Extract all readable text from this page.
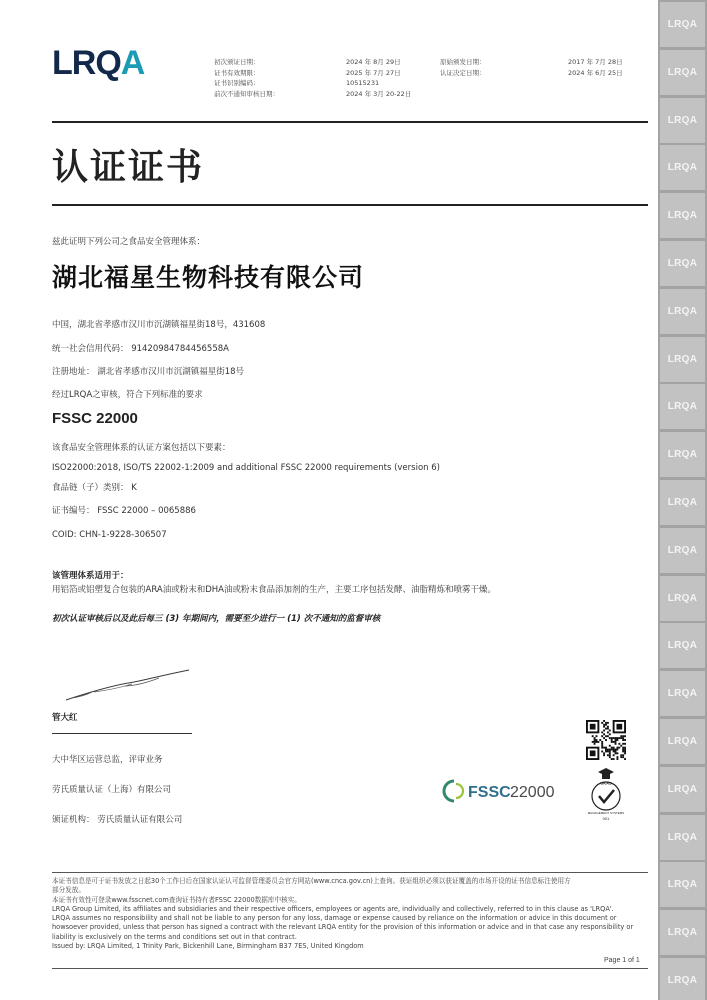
LRQA
LRQA
LRQA
LRQA
LRQA
LRQA
LRQA
LRQA
LRQA
LRQA
LRQA
LRQA
LRQA
LRQA
LRQA
LRQA
LRQA
LRQA
LRQA
LRQA
LRQA
LRQA	初次颁证日期：
证书有效期限：
证书识别编码：
前次不通知审核日期：
2024 年 8月 29日
2025 年 7月 27日
10515231
2024 年 3月 20-22日
原始颁发日期：
认证决定日期：
2017 年 7月 28日
2024 年 6月 25日
认证证书
兹此证明下列公司之食品安全管理体系：
湖北福星生物科技有限公司
中国，湖北省孝感市汉川市沉湖镇福星街18号，431608
统一社会信用代码： 91420984784456558A
注册地址： 湖北省孝感市汉川市沉湖镇福星街18号
经过LRQA之审核，符合下列标准的要求
FSSC 22000
该食品安全管理体系的认证方案包括以下要素：
ISO22000:2018, ISO/TS 22002-1:2009 and additional FSSC 22000 requirements (version 6)
食品链（子）类别： K
证书编号： FSSC 22000 – 0065886
COID: CHN-1-9228-306507
该管理体系适用于：
用铝箔或铝塑复合包装的ARA油或粉末和DHA油或粉末食品添加剂的生产，主要工序包括发酵、油脂精炼和喷雾干燥。
初次认证审核后以及此后每三 (3) 年期间内，需要至少进行一 (1) 次不通知的监督审核
管大红
大中华区运营总监，评审业务
劳氏质量认证（上海）有限公司
颁证机构： 劳氏质量认证有限公司
FSSC 22000
UKAS
MANAGEMENT SYSTEMS
001
本证书信息是可于证书发放之日起30个工作日后在国家认证认可监督管理委员会官方网站(www.cnca.gov.cn)上查询。获证组织必须以获证覆盖的市场开设的证书信息标注使用方
部分发放。
本证书有效性可登录www.fsscnet.com查询证书持有者FSSC 22000数据库中核实。
LRQA Group Limited, its affiliates and subsidiaries and their respective officers, employees or agents are, individually and collectively, referred to in this clause as 'LRQA'.
LRQA assumes no responsibility and shall not be liable to any person for any loss, damage or expense caused by reliance on the information or advice in this document or
howsoever provided, unless that person has signed a contract with the relevant LRQA entity for the provision of this information or advice and in that case any responsibility or
liability is exclusively on the terms and conditions set out in that contract.
Issued by: LRQA Limited, 1 Trinity Park, Bickenhill Lane, Birmingham B37 7ES, United Kingdom
Page 1 of 1
